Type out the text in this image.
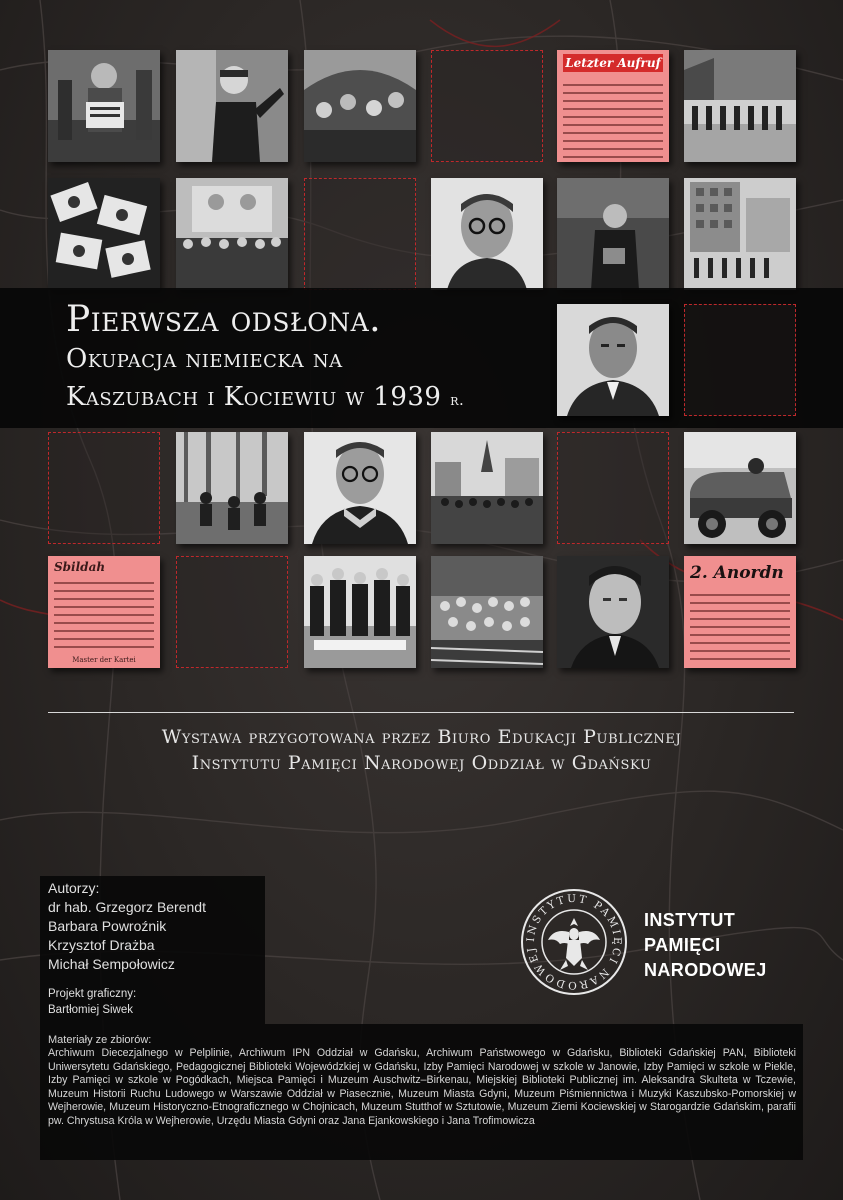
Letzter Aufruf
Pierwsza odsłona.
Okupacja niemiecka na
Kaszubach i Kociewiu w 1939 r.
Sbildah
Master der Kartei
2. Anordn
Wystawa przygotowana przez Biuro Edukacji Publicznej
Instytutu Pamięci Narodowej Oddział w Gdańsku
Autorzy:
dr hab. Grzegorz Berendt
Barbara Powroźnik
Krzysztof Drażba
Michał Sempołowicz
Projekt graficzny:
Bartłomiej Siwek
INSTYTUT PAMIĘCI NARODOWEJ
INSTYTUT
PAMIĘCI
NARODOWEJ
Materiały ze zbiorów:
Archiwum Diecezjalnego w Pelplinie, Archiwum IPN Oddział w Gdańsku, Archiwum Państwowego w Gdańsku, Biblioteki Gdańskiej PAN, Biblioteki Uniwersytetu Gdańskiego, Pedagogicznej Biblioteki Wojewódzkiej w Gdańsku, Izby Pamięci Narodowej w szkole w Janowie, Izby Pamięci w szkole w Piekle, Izby Pamięci w szkole w Pogódkach, Miejsca Pamięci i Muzeum Auschwitz–Birkenau, Miejskiej Biblioteki Publicznej im. Aleksandra Skulteta w Tczewie, Muzeum Historii Ruchu Ludowego w Warszawie Oddział w Piasecznie, Muzeum Miasta Gdyni, Muzeum Piśmiennictwa i Muzyki Kaszubsko-Pomorskiej w Wejherowie, Muzeum Historyczno-Etnograficznego w Chojnicach, Muzeum Stutthof w Sztutowie, Muzeum Ziemi Kociewskiej w Starogardzie Gdańskim, parafii pw. Chrystusa Króla w Wejherowie, Urzędu Miasta Gdyni oraz Jana Ejankowskiego i Jana Trofimowicza
